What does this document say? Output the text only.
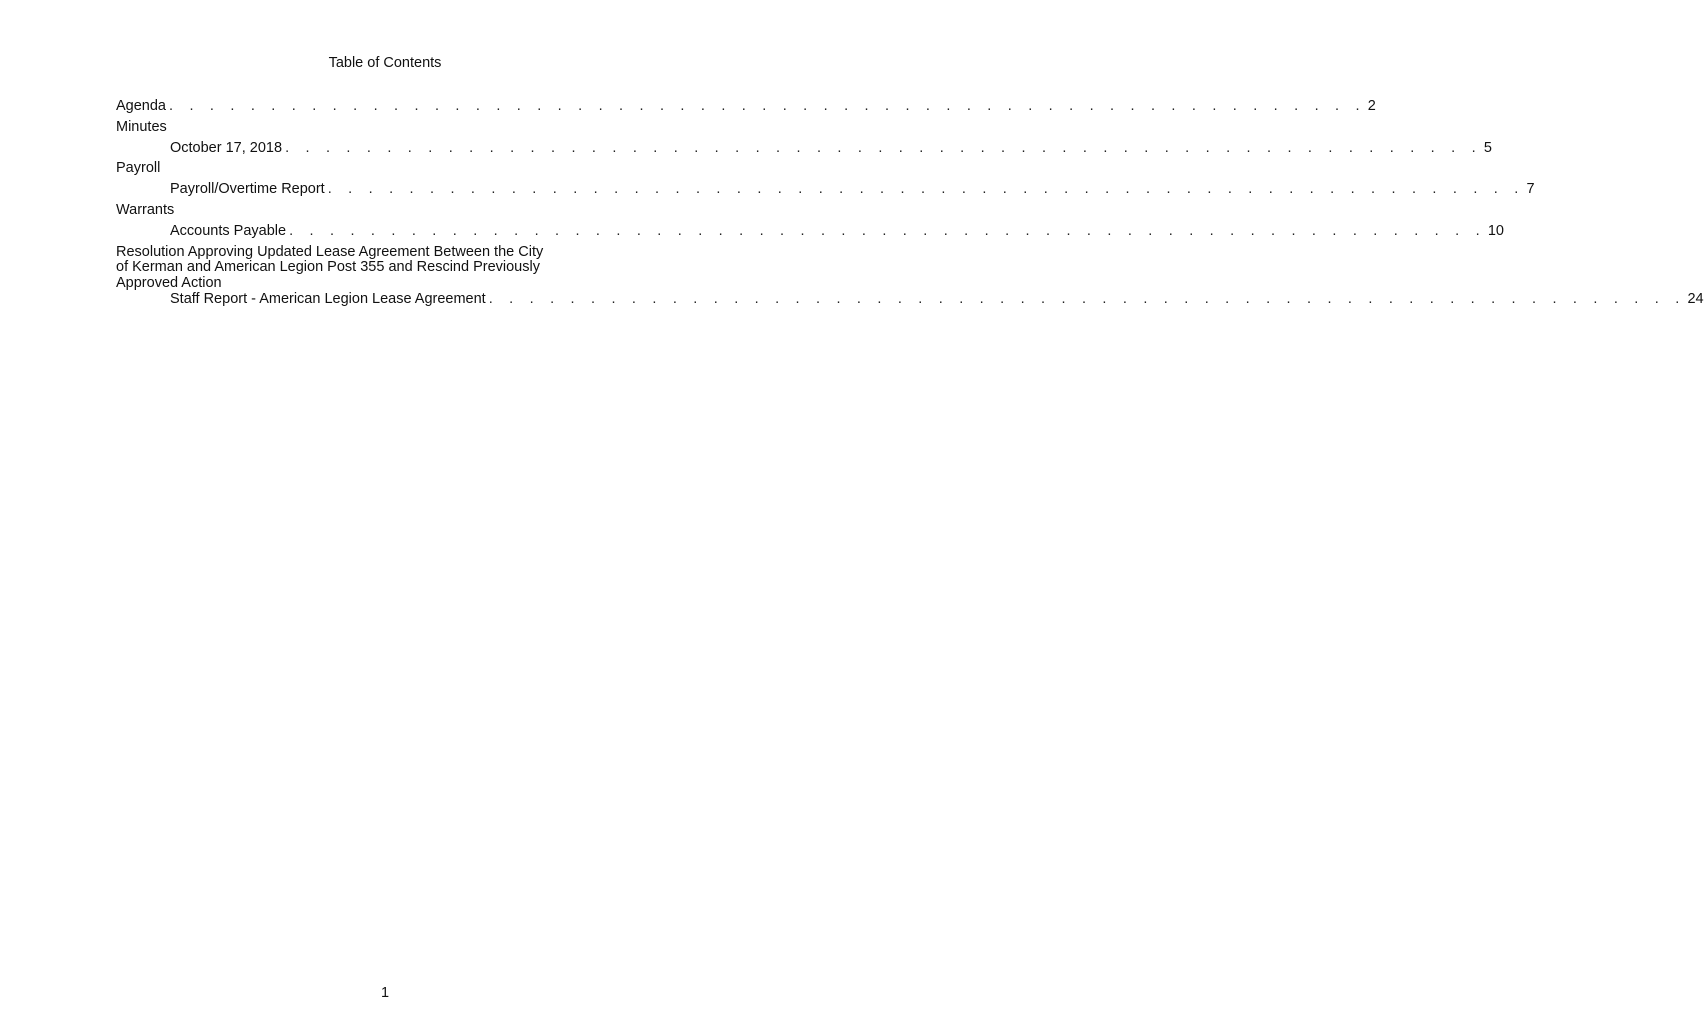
Table of Contents
Agenda . . . . . . . . . . . . . . . . . . . . . . . . . . . . . . . . . . . . . . . . . . . . . . . . . . . . . . . . . . . 2
Minutes
October 17, 2018 . . . . . . . . . . . . . . . . . . . . . . . . . . . . . . . . . . . . . . . . . . . . . . . . . . . . . . . . . . . 5
Payroll
Payroll/Overtime Report . . . . . . . . . . . . . . . . . . . . . . . . . . . . . . . . . . . . . . . . . . . . . . . . . . . . . . . . . . . 7
Warrants
Accounts Payable . . . . . . . . . . . . . . . . . . . . . . . . . . . . . . . . . . . . . . . . . . . . . . . . . . . . . . . . . . . 10
Resolution Approving Updated Lease Agreement Between the City of Kerman and American Legion Post 355 and Rescind Previously Approved Action
Staff Report - American Legion Lease Agreement . . . . . . . . . . . . . . . . . . . . . . . . . . . . . . . . . . . . . . . . . . . . . . . . . . . . . . . . . . . 24
1
